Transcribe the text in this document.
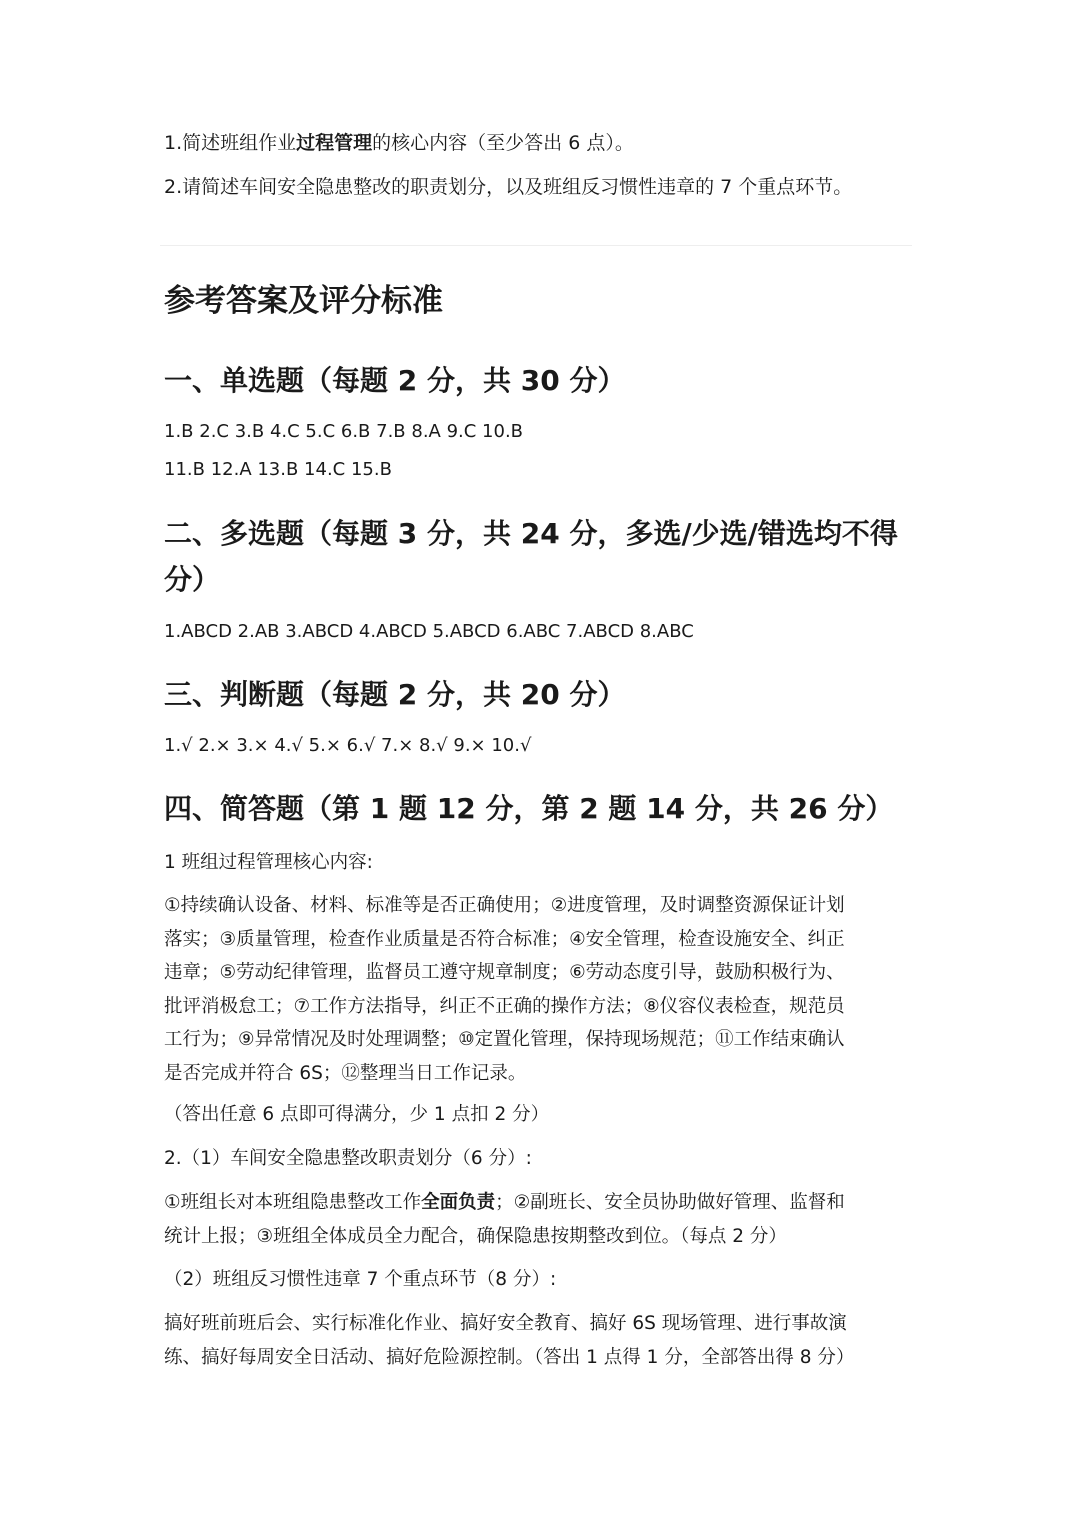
1.简述班组作业过程管理的核心内容（至少答出 6 点）。
2.请简述车间安全隐患整改的职责划分，以及班组反习惯性违章的 7 个重点环节。
参考答案及评分标准
一、单选题（每题 2 分，共 30 分）
1.B 2.C 3.B 4.C 5.C 6.B 7.B 8.A 9.C 10.B
11.B 12.A 13.B 14.C 15.B
二、多选题（每题 3 分，共 24 分，多选/少选/错选均不得
分）
1.ABCD 2.AB 3.ABCD 4.ABCD 5.ABCD 6.ABC 7.ABCD 8.ABC
三、判断题（每题 2 分，共 20 分）
1.√ 2.× 3.× 4.√ 5.× 6.√ 7.× 8.√ 9.× 10.√
四、简答题（第 1 题 12 分，第 2 题 14 分，共 26 分）
1 班组过程管理核心内容:
①持续确认设备、材料、标准等是否正确使用；②进度管理，及时调整资源保证计划
落实；③质量管理，检查作业质量是否符合标准；④安全管理，检查设施安全、纠正
违章；⑤劳动纪律管理，监督员工遵守规章制度；⑥劳动态度引导，鼓励积极行为、
批评消极怠工；⑦工作方法指导，纠正不正确的操作方法；⑧仪容仪表检查，规范员
工行为；⑨异常情况及时处理调整；⑩定置化管理，保持现场规范；⑪工作结束确认
是否完成并符合 6S；⑫整理当日工作记录。
（答出任意 6 点即可得满分，少 1 点扣 2 分）
2.（1）车间安全隐患整改职责划分（6 分）:
①班组长对本班组隐患整改工作全面负责；②副班长、安全员协助做好管理、监督和
统计上报；③班组全体成员全力配合，确保隐患按期整改到位。（每点 2 分）
（2）班组反习惯性违章 7 个重点环节（8 分）:
搞好班前班后会、实行标准化作业、搞好安全教育、搞好 6S 现场管理、进行事故演
练、搞好每周安全日活动、搞好危险源控制。（答出 1 点得 1 分，全部答出得 8 分）
